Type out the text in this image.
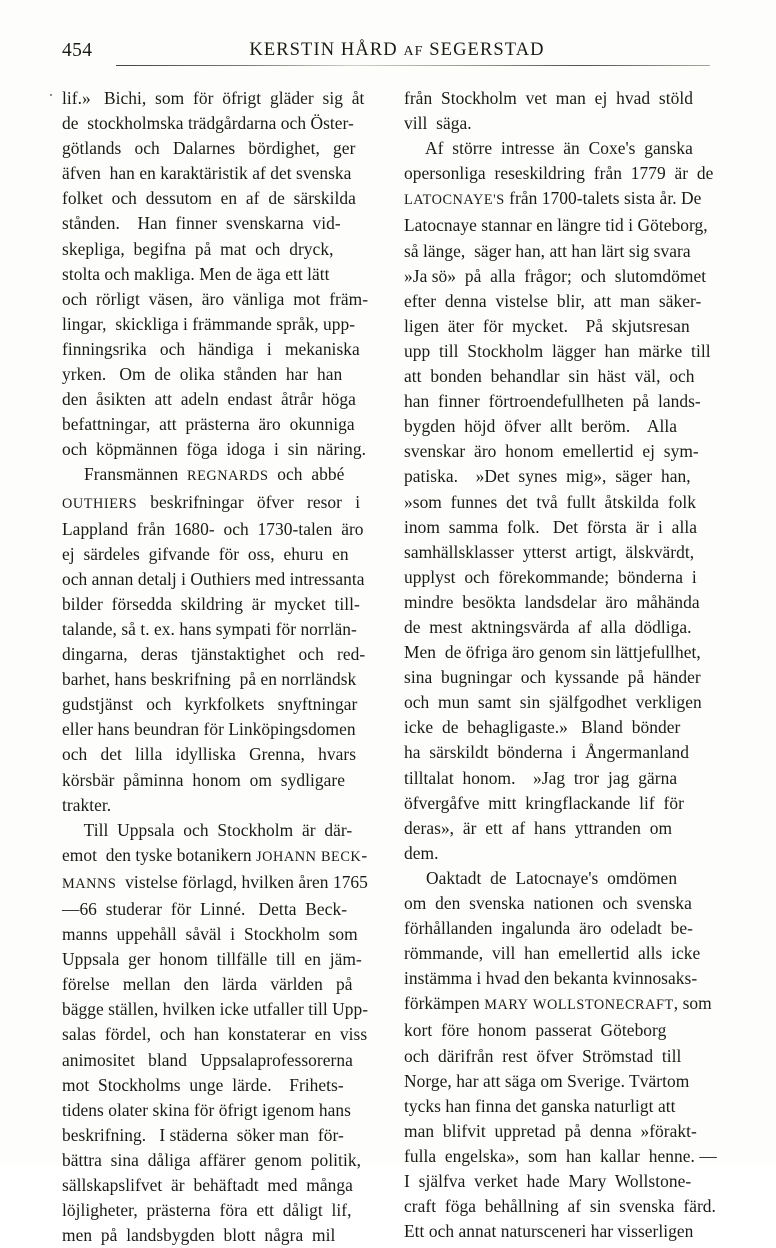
454	KERSTIN HÅRD AF SEGERSTAD
lif.»   Bichi,  som  för  öfrigt  gläder  sig  åt
de  stockholmska trädgårdarna och Öster-
götlands   och   Dalarnes   bördighet,   ger
äfven  han en karaktäristik af det svenska
folket  och  dessutom  en  af  de  särskilda
stånden.    Han  finner  svenskarna  vid-
skepliga,  begifna  på  mat  och  dryck,
stolta och makliga. Men de äga ett lätt
och  rörligt  väsen,  äro  vänliga  mot  främ-
lingar,  skickliga i främmande språk, upp-
finningsrika   och   händiga   i   mekaniska
yrken.   Om  de  olika  stånden  har  han
den  åsikten  att  adeln  endast  åtrår  höga
befattningar,  att  prästerna  äro  okunniga
och  köpmännen  föga  idoga  i  sin  näring.
Fransmännen  REGNARDS  och  abbé
OUTHIERS   beskrifningar   öfver   resor   i
Lappland  från  1680-  och  1730-talen  äro
ej  särdeles  gifvande  för  oss,  ehuru  en
och annan detalj i Outhiers med intressanta
bilder  försedda  skildring  är  mycket  till-
talande, så t. ex. hans sympati för norrlän-
dingarna,   deras   tjänstaktighet   och   red-
barhet, hans beskrifning  på en norrländsk
gudstjänst   och   kyrkfolkets   snyftningar
eller hans beundran för Linköpingsdomen
och   det   lilla   idylliska   Grenna,   hvars
körsbär  påminna  honom  om  sydligare
trakter.
Till  Uppsala  och  Stockholm  är  där-
emot  den tyske botanikern JOHANN BECK-
MANNS  vistelse förlagd, hvilken åren 1765
—66  studerar  för  Linné.   Detta  Beck-
manns  uppehåll  såväl  i  Stockholm  som
Uppsala  ger  honom  tillfälle  till  en  jäm-
förelse   mellan   den   lärda   världen   på
bägge ställen, hvilken icke utfaller till Upp-
salas  fördel,  och  han  konstaterar  en  viss
animositet   bland   Uppsalaprofessorerna
mot  Stockholms  unge  lärde.    Frihets-
tidens olater skina för öfrigt igenom hans
beskrifning.   I städerna  söker man  för-
bättra  sina  dåliga  affärer  genom  politik,
sällskapslifvet  är  behäftadt  med  många
löjligheter,  prästerna  föra  ett  dåligt  lif,
men  på  landsbygden  blott  några  mil
från  Stockholm  vet  man  ej  hvad  stöld
vill  säga.
Af  större  intresse  än  Coxe's  ganska
opersonliga  reseskildring  från  1779  är  de
LATOCNAYE'S från 1700-talets sista år. De
Latocnaye stannar en längre tid i Göteborg,
så länge,  säger han, att han lärt sig svara
»Ja sö»  på  alla  frågor;  och  slutomdömet
efter  denna  vistelse  blir,  att  man  säker-
ligen  äter  för  mycket.    På  skjutsresan
upp  till  Stockholm  lägger  han  märke  till
att  bonden  behandlar  sin  häst  väl,  och
han  finner  förtroendefullheten  på  lands-
bygden  höjd  öfver  allt  beröm.    Alla
svenskar  äro  honom  emellertid  ej  sym-
patiska.    »Det  synes  mig»,  säger  han,
»som  funnes  det  två  fullt  åtskilda  folk
inom  samma  folk.   Det  första  är  i  alla
samhällsklasser  ytterst  artigt,  älskvärdt,
upplyst  och  förekommande;  bönderna  i
mindre  besökta  landsdelar  äro  måhända
de  mest  aktningsvärda  af  alla  dödliga.
Men  de öfriga äro genom sin lättjefullhet,
sina  bugningar  och  kyssande  på  händer
och  mun  samt  sin  själfgodhet  verkligen
icke  de  behagligaste.»   Bland  bönder
ha  särskildt  bönderna  i  Ångermanland
tilltalat  honom.    »Jag  tror  jag  gärna
öfvergåfve  mitt  kringflackande  lif  för
deras»,  är  ett  af  hans  yttranden  om
dem.
Oaktadt  de  Latocnaye's  omdömen
om  den  svenska  nationen  och  svenska
förhållanden  ingalunda  äro  odeladt  be-
römmande,  vill  han  emellertid  alls  icke
instämma i hvad den bekanta kvinnosaks-
förkämpen MARY WOLLSTONECRAFT, som
kort  före  honom  passerat  Göteborg
och  därifrån  rest  öfver  Strömstad  till
Norge, har att säga om Sverige. Tvärtom
tycks han finna det ganska naturligt att
man  blifvit  uppretad  på  denna  »förakt-
fulla  engelska»,  som  han  kallar  henne. —
I  själfva  verket  hade  Mary  Wollstone-
craft  föga  behållning  af  sin  svenska  färd.
Ett och annat natursceneri har visserligen
